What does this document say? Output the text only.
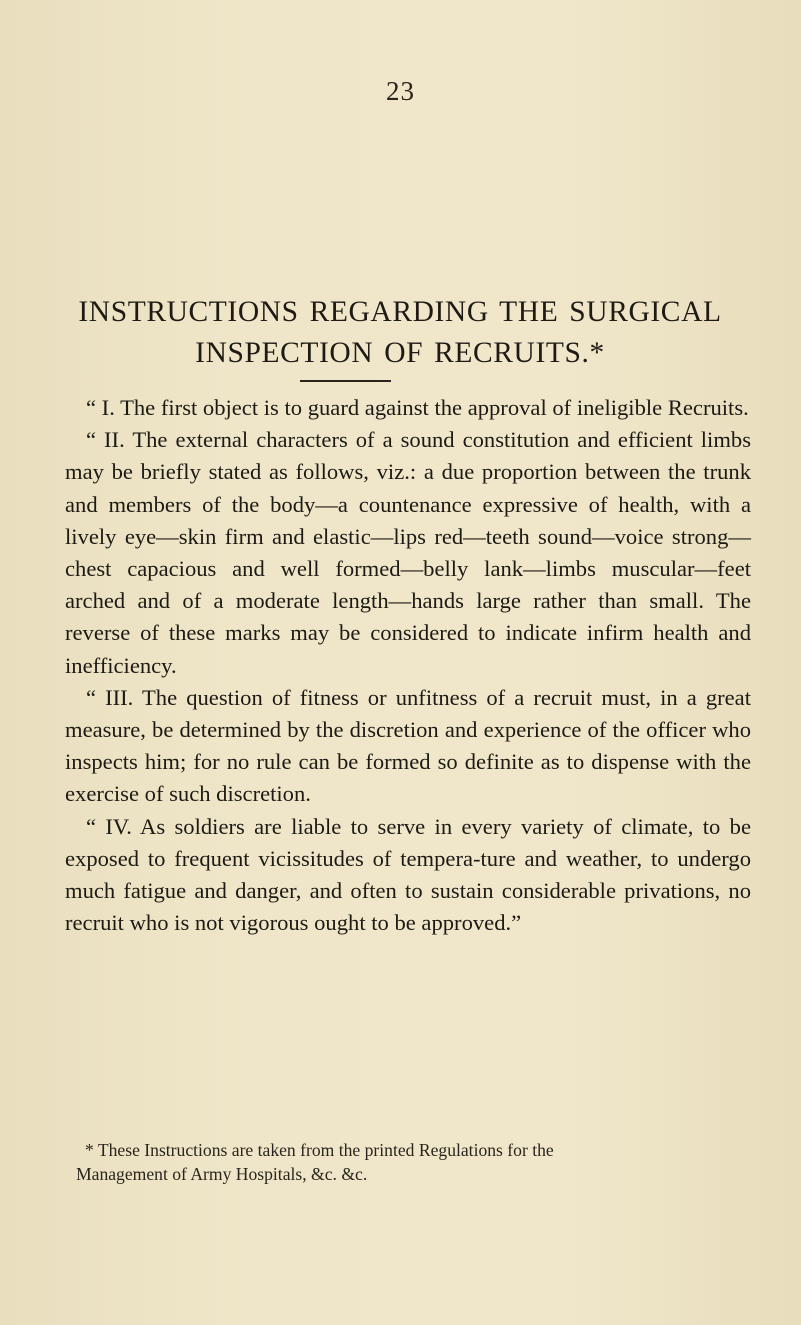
23
INSTRUCTIONS REGARDING THE SURGICAL
INSPECTION OF RECRUITS.*

“ I. The first object is to guard against the approval of ineligible Recruits.

“ II. The external characters of a sound constitution and efficient limbs may be briefly stated as follows, viz.: a due proportion between the trunk and members of the body—a countenance expressive of health, with a lively eye—skin firm and elastic—lips red—teeth sound—voice strong—chest capacious and well formed—belly lank—limbs muscular—feet arched and of a moderate length—hands large rather than small. The reverse of these marks may be considered to indicate infirm health and inefficiency.

“ III. The question of fitness or unfitness of a recruit must, in a great measure, be determined by the discretion and experience of the officer who inspects him; for no rule can be formed so definite as to dispense with the exercise of such discretion.

“ IV. As soldiers are liable to serve in every variety of climate, to be exposed to frequent vicissitudes of tempera-ture and weather, to undergo much fatigue and danger, and often to sustain considerable privations, no recruit who is not vigorous ought to be approved.”

* These Instructions are taken from the printed Regulations for the
Management of Army Hospitals, &c. &c.
